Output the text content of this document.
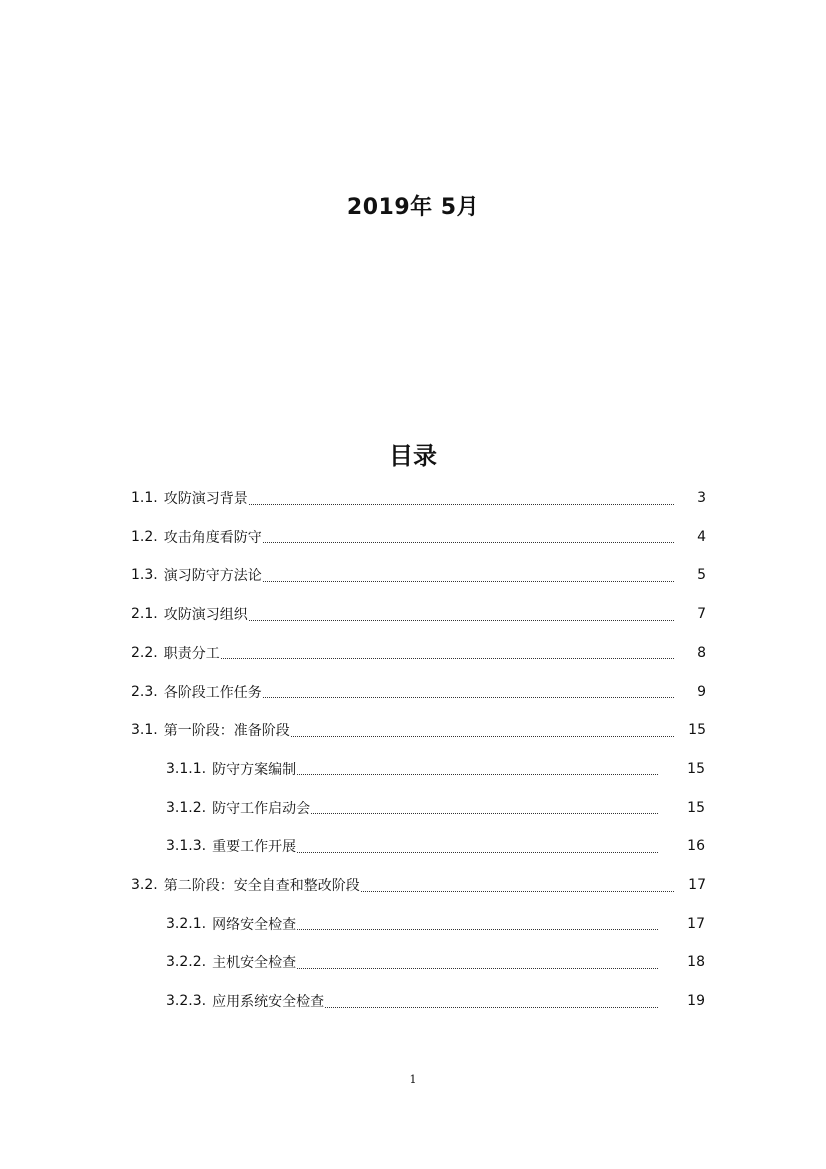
2019年 5月
目录
1.1. 攻防演习背景	3
1.2. 攻击角度看防守	4
1.3. 演习防守方法论	5
2.1. 攻防演习组织	7
2.2. 职责分工	8
2.3. 各阶段工作任务	9
3.1. 第一阶段：准备阶段	15
3.1.1. 防守方案编制	15
3.1.2. 防守工作启动会	15
3.1.3. 重要工作开展	16
3.2. 第二阶段：安全自查和整改阶段	17
3.2.1. 网络安全检查	17
3.2.2. 主机安全检查	18
3.2.3. 应用系统安全检查	19
1
